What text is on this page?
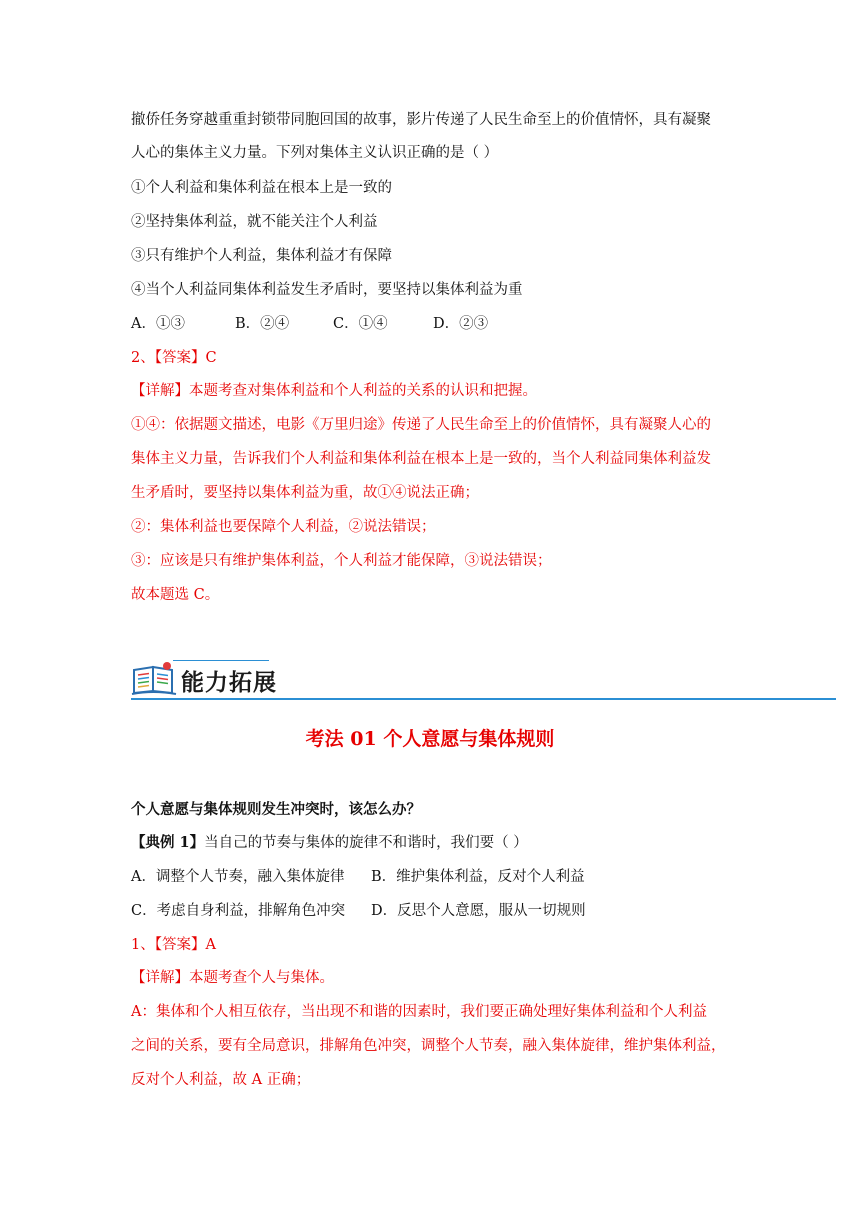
撤侨任务穿越重重封锁带同胞回国的故事，影片传递了人民生命至上的价值情怀，具有凝聚
人心的集体主义力量。下列对集体主义认识正确的是（ ）
①个人利益和集体利益在根本上是一致的
②坚持集体利益，就不能关注个人利益
③只有维护个人利益，集体利益才有保障
④当个人利益同集体利益发生矛盾时，要坚持以集体利益为重
A．①③	B．②④	C．①④	D．②③
2、【答案】C
【详解】本题考查对集体利益和个人利益的关系的认识和把握。
①④：依据题文描述，电影《万里归途》传递了人民生命至上的价值情怀，具有凝聚人心的
集体主义力量，告诉我们个人利益和集体利益在根本上是一致的，当个人利益同集体利益发
生矛盾时，要坚持以集体利益为重，故①④说法正确；
②：集体利益也要保障个人利益，②说法错误；
③：应该是只有维护集体利益，个人利益才能保障，③说法错误；
故本题选 C。
能力拓展
考法 01 个人意愿与集体规则
个人意愿与集体规则发生冲突时，该怎么办？
【典例 1】当自己的节奏与集体的旋律不和谐时，我们要（ ）
A．调整个人节奏，融入集体旋律 B．维护集体利益，反对个人利益
C．考虑自身利益，排解角色冲突 D．反思个人意愿，服从一切规则
1、【答案】A
【详解】本题考查个人与集体。
A：集体和个人相互依存，当出现不和谐的因素时，我们要正确处理好集体利益和个人利益
之间的关系，要有全局意识，排解角色冲突，调整个人节奏，融入集体旋律，维护集体利益，
反对个人利益，故 A 正确；
